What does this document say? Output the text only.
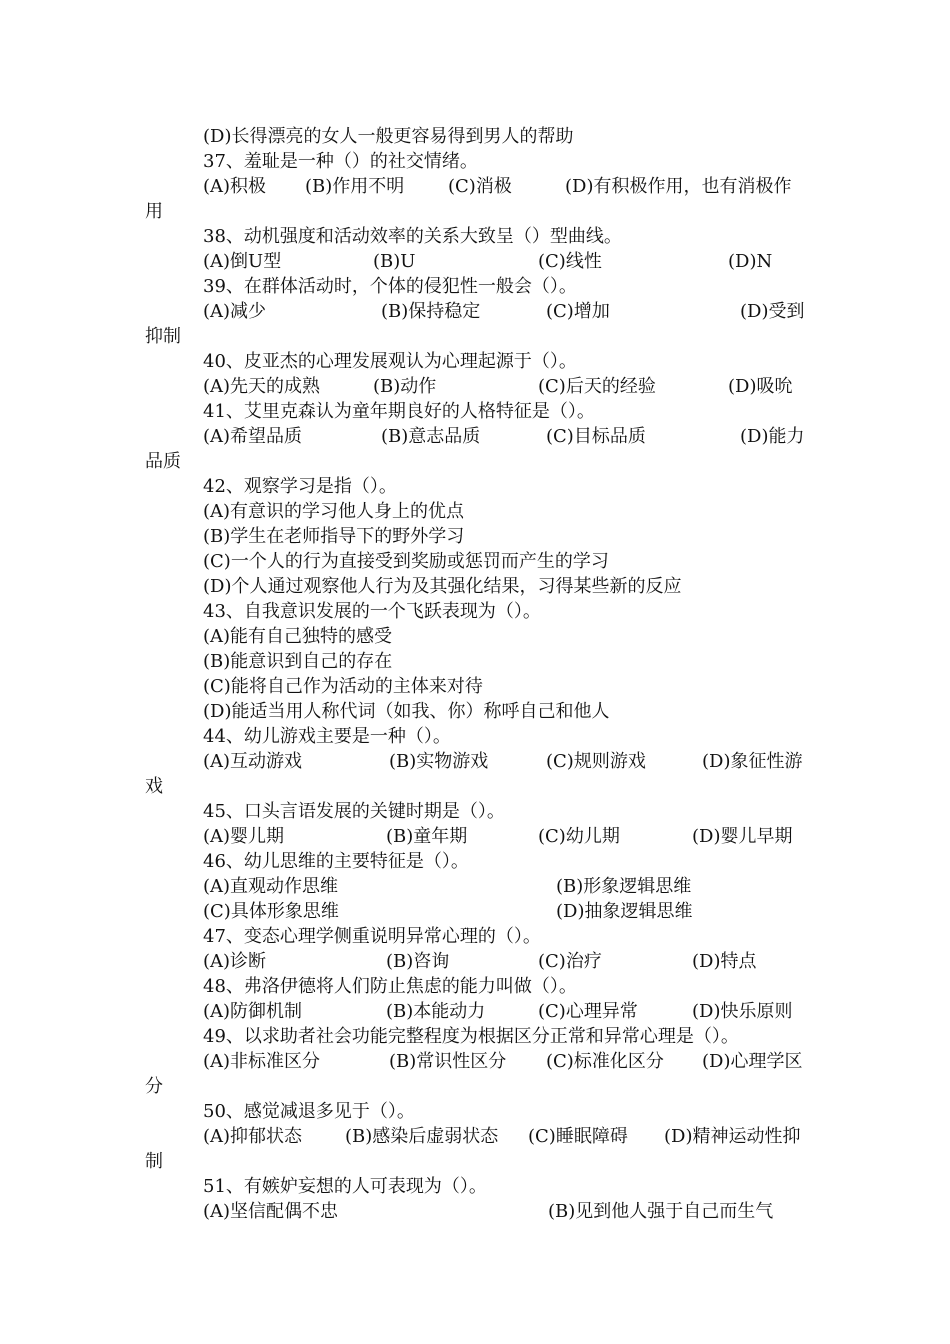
(D)长得漂亮的女人一般更容易得到男人的帮助
37、羞耻是一种（）的社交情绪。
(A)积极 (B)作用不明 (C)消极	(D)有积极作用，也有消极作
用
38、动机强度和活动效率的关系大致呈（）型曲线。
(A)倒U型	(B)U	(C)线性	(D)N
39、在群体活动时，个体的侵犯性一般会（）。
(A)减少	(B)保持稳定	(C)增加	(D)受到
抑制
40、皮亚杰的心理发展观认为心理起源于（）。
(A)先天的成熟	(B)动作	(C)后天的经验	(D)吸吮
41、艾里克森认为童年期良好的人格特征是（）。
(A)希望品质	(B)意志品质	(C)目标品质	(D)能力
品质
42、观察学习是指（）。
(A)有意识的学习他人身上的优点
(B)学生在老师指导下的野外学习
(C)一个人的行为直接受到奖励或惩罚而产生的学习
(D)个人通过观察他人行为及其强化结果，习得某些新的反应
43、自我意识发展的一个飞跃表现为（）。
(A)能有自己独特的感受
(B)能意识到自己的存在
(C)能将自己作为活动的主体来对待
(D)能适当用人称代词（如我、你）称呼自己和他人
44、幼儿游戏主要是一种（）。
(A)互动游戏	(B)实物游戏	(C)规则游戏	(D)象征性游
戏
45、口头言语发展的关键时期是（）。
(A)婴儿期	(B)童年期	(C)幼儿期	(D)婴儿早期
46、幼儿思维的主要特征是（）。
(A)直观动作思维	(B)形象逻辑思维
(C)具体形象思维	(D)抽象逻辑思维
47、变态心理学侧重说明异常心理的（）。
(A)诊断	(B)咨询	(C)治疗	(D)特点
48、弗洛伊德将人们防止焦虑的能力叫做（）。
(A)防御机制	(B)本能动力	(C)心理异常	(D)快乐原则
49、以求助者社会功能完整程度为根据区分正常和异常心理是（）。
(A)非标准区分	(B)常识性区分 (C)标准化区分 (D)心理学区
分
50、感觉减退多见于（）。
(A)抑郁状态 (B)感染后虚弱状态 (C)睡眠障碍 (D)精神运动性抑
制
51、有嫉妒妄想的人可表现为（）。
(A)坚信配偶不忠	(B)见到他人强于自己而生气
